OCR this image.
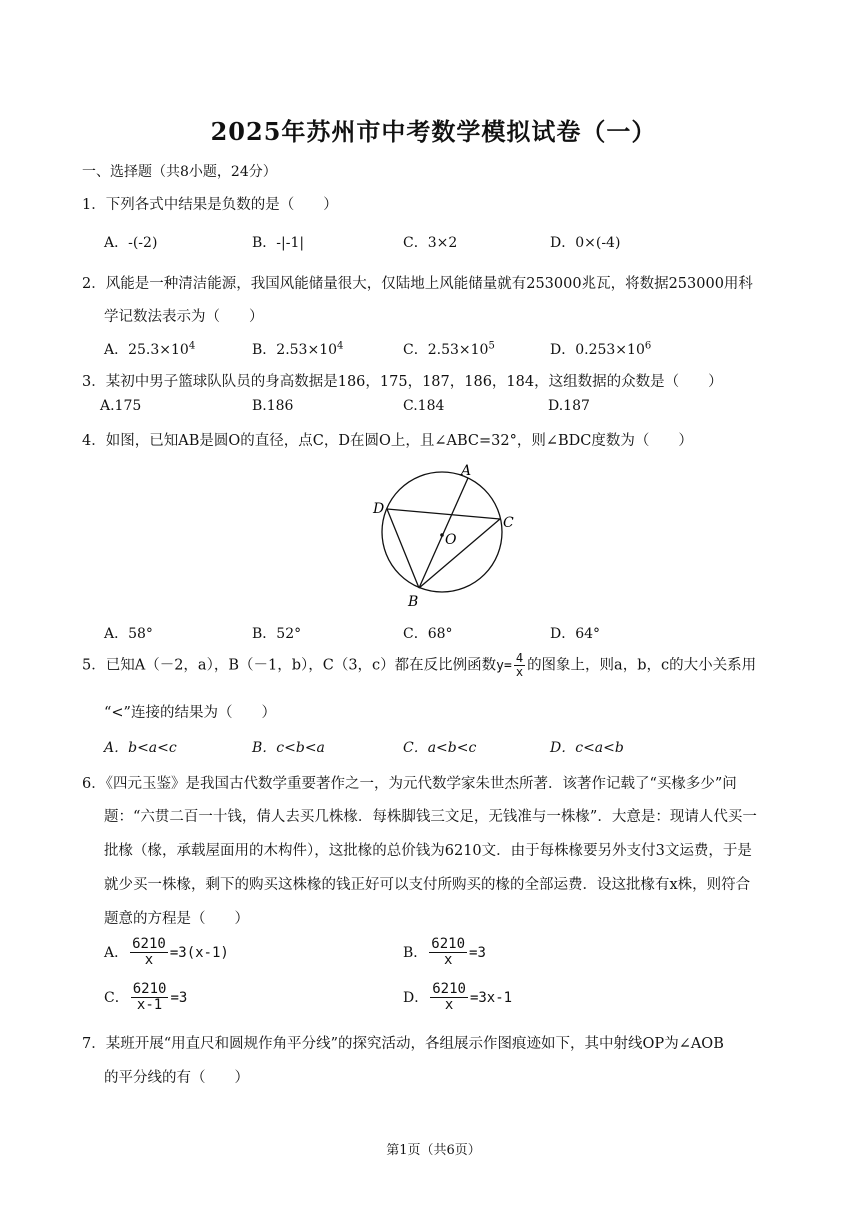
2025年苏州市中考数学模拟试卷（一）
一、选择题（共8小题，24分）
1．下列各式中结果是负数的是（　　）
A．-(-2)	B．-|-1|	C．3×2	D．0×(-4)
2．风能是一种清洁能源，我国风能储量很大，仅陆地上风能储量就有253000兆瓦，将数据253000用科
学记数法表示为（　　）
A．$25.3\times 10^4$	B．$2.53\times 10^4$	C．$2.53\times 10^5$	D．$0.253\times 10^6$
3．某初中男子篮球队队员的身高数据是186，175，187，186，184，这组数据的众数是（　　）
A.175	B.186	C.184	D.187
4．如图，已知AB是圆O的直径，点C，D在圆O上，且∠ABC=32°，则∠BDC度数为（　　）
A
B
C
D
O
A．58°	B．52°	C．68°	D．64°
5．已知A（－2，a），B（－1，b），C（3，c）都在反比例函数$y= \frac{4}{x}$ 的图象上，则a，b，c的大小关系用
“<”连接的结果为（　　）
A．b<a<c	B．c<b<a	C．a<b<c	D．c<a<b
6．《四元玉鉴》是我国古代数学重要著作之一，为元代数学家朱世杰所著．该著作记载了“买椽多少”问
题：“六贯二百一十钱，倩人去买几株椽．每株脚钱三文足，无钱准与一株椽”．大意是：现请人代买一
批椽（椽，承载屋面用的木构件），这批椽的总价钱为6210文．由于每株椽要另外支付3文运费，于是
就少买一株椽，剩下的购买这株椽的钱正好可以支付所购买的椽的全部运费．设这批椽有x株，则符合
题意的方程是（　　）
A． $\frac{6210}{x} =3(x-1)$	B． $\frac{6210}{x} =3$
C． $\frac{6210}{x-1} =3$	D． $\frac{6210}{x} =3x-1$
7．某班开展“用直尺和圆规作角平分线”的探究活动，各组展示作图痕迹如下，其中射线OP为∠AOB
的平分线的有（　　）
第1页（共6页）
